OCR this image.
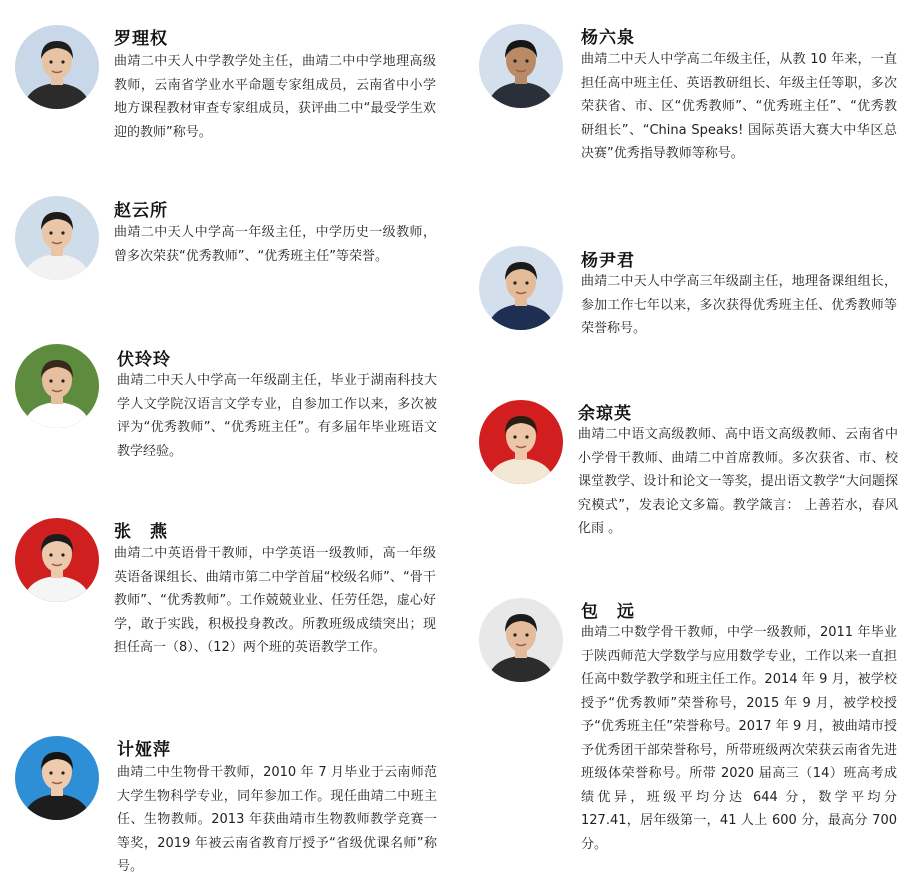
罗理权

曲靖二中天人中学教学处主任，曲靖二中中学地理高级教师，云南省学业水平命题专家组成员，云南省中小学地方课程教材审查专家组成员，获评曲二中“最受学生欢迎的教师”称号。

赵云所

曲靖二中天人中学高一年级主任，中学历史一级教师，曾多次荣获“优秀教师”、“优秀班主任”等荣誉。

伏玲玲

曲靖二中天人中学高一年级副主任，毕业于湖南科技大学人文学院汉语言文学专业，自参加工作以来，多次被评为“优秀教师”、“优秀班主任”。有多届年毕业班语文教学经验。

张　燕

曲靖二中英语骨干教师，中学英语一级教师，高一年级英语备课组长、曲靖市第二中学首届“校级名师”、“骨干教师”、“优秀教师”。工作兢兢业业、任劳任怨，虚心好学，敢于实践，积极投身教改。所教班级成绩突出；现担任高一（8）、（12）两个班的英语教学工作。

计娅萍

曲靖二中生物骨干教师，2010 年 7 月毕业于云南师范大学生物科学专业，同年参加工作。现任曲靖二中班主任、生物教师。2013 年获曲靖市生物教师教学竞赛一等奖，2019 年被云南省教育厅授予“省级优课名师”称号。

杨六泉

曲靖二中天人中学高二年级主任，从教 10 年来，一直担任高中班主任、英语教研组长、年级主任等职，多次荣获省、市、区“优秀教师”、“优秀班主任”、“优秀教研组长”、“China Speaks! 国际英语大赛大中华区总决赛”优秀指导教师等称号。

杨尹君

曲靖二中天人中学高三年级副主任，地理备课组组长，参加工作七年以来，多次获得优秀班主任、优秀教师等荣誉称号。

余琼英

曲靖二中语文高级教师、高中语文高级教师、云南省中小学骨干教师、曲靖二中首席教师。多次获省、市、校课堂教学、设计和论文一等奖，提出语文教学“大问题探究模式”，发表论文多篇。教学箴言： 上善若水，春风化雨 。

包　远

曲靖二中数学骨干教师，中学一级教师，2011 年毕业于陕西师范大学数学与应用数学专业，工作以来一直担任高中数学教学和班主任工作。2014 年 9 月，被学校授予“优秀教师”荣誉称号，2015 年 9 月，被学校授予“优秀班主任”荣誉称号。2017 年 9 月，被曲靖市授予优秀团干部荣誉称号，所带班级两次荣获云南省先进班级体荣誉称号。所带 2020 届高三（14）班高考成绩优异，班级平均分达 644 分，数学平均分 127.41，居年级第一，41 人上 600 分，最高分 700 分。
